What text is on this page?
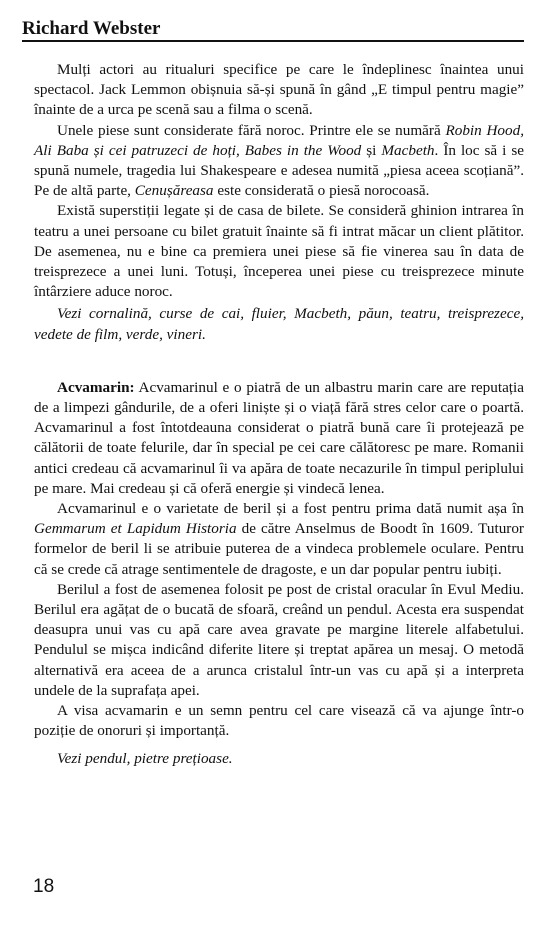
Richard Webster

Mulți actori au ritualuri specifice pe care le îndeplinesc înaintea unui spectacol. Jack Lemmon obișnuia să-și spună în gând „E timpul pentru magie” înainte de a urca pe scenă sau a filma o scenă.

Unele piese sunt considerate fără noroc. Printre ele se numără Robin Hood, Ali Baba și cei patruzeci de hoți, Babes in the Wood și Macbeth. În loc să i se spună numele, tragedia lui Shakespeare e adesea numită „piesa aceea scoțiană”. Pe de altă parte, Cenușăreasa este considerată o piesă norocoasă.

Există superstiții legate și de casa de bilete. Se consideră ghinion intrarea în teatru a unei persoane cu bilet gratuit înainte să fi intrat măcar un client plătitor. De asemenea, nu e bine ca premiera unei piese să fie vinerea sau în data de treisprezece a unei luni. Totuși, începerea unei piese cu treisprezece minute întârziere aduce noroc.

Vezi cornalină, curse de cai, fluier, Macbeth, păun, teatru, treisprezece, vedete de film, verde, vineri.

Acvamarin: Acvamarinul e o piatră de un albastru marin care are reputația de a limpezi gândurile, de a oferi liniște și o viață fără stres celor care o poartă. Acvamarinul a fost întotdeauna considerat o piatră bună care îi protejează pe călătorii de toate felurile, dar în special pe cei care călătoresc pe mare. Romanii antici credeau că acvamarinul îi va apăra de toate necazurile în timpul periplului pe mare. Mai credeau și că oferă energie și vindecă lenea.

Acvamarinul e o varietate de beril și a fost pentru prima dată numit așa în Gemmarum et Lapidum Historia de către Anselmus de Boodt în 1609. Tuturor formelor de beril li se atribuie puterea de a vindeca problemele oculare. Pentru că se crede că atrage sentimentele de dragoste, e un dar popular pentru iubiți.

Berilul a fost de asemenea folosit pe post de cristal oracular în Evul Mediu. Berilul era agățat de o bucată de sfoară, creând un pendul. Acesta era suspendat deasupra unui vas cu apă care avea gravate pe margine literele alfabetului. Pendulul se mișca indicând diferite litere și treptat apărea un mesaj. O metodă alternativă era aceea de a arunca cristalul într-un vas cu apă și a interpreta undele de la suprafața apei.

A visa acvamarin e un semn pentru cel care visează că va ajunge într-o poziție de onoruri și importanță.

Vezi pendul, pietre prețioase.

18
